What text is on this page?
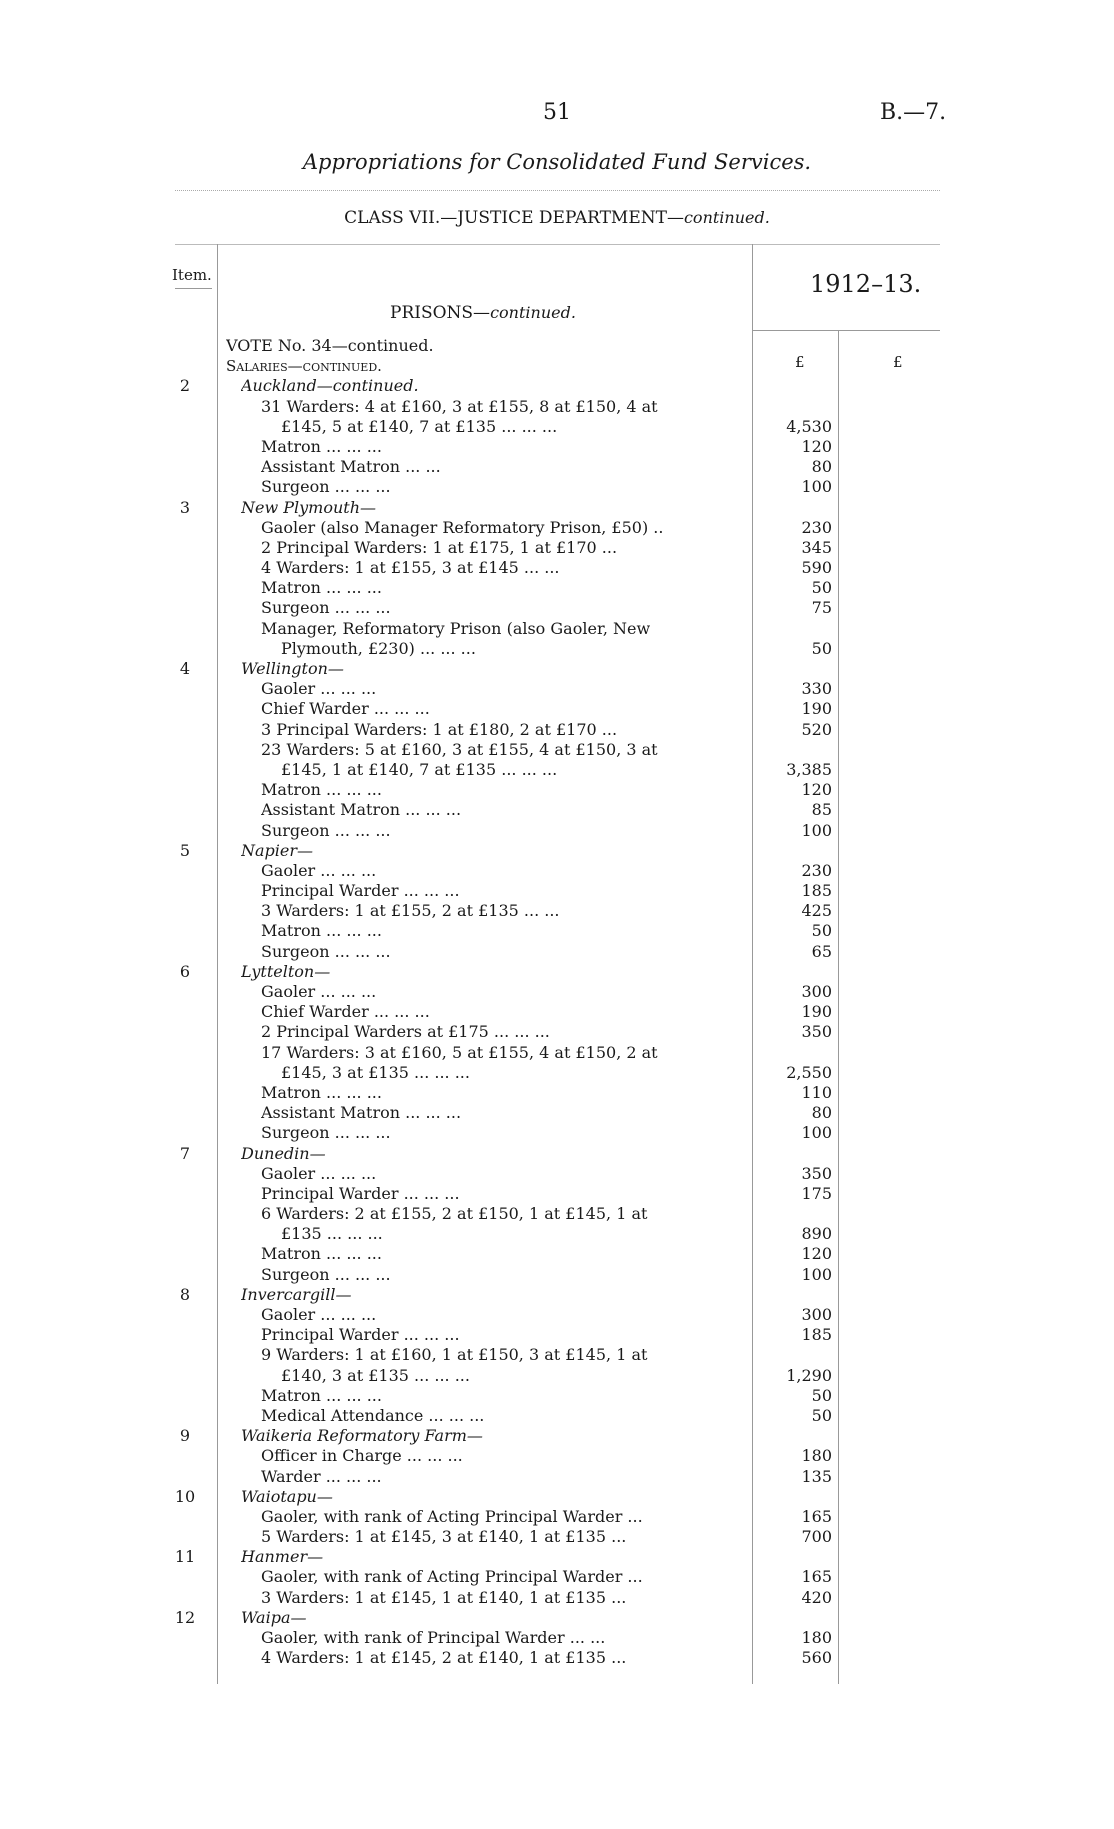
51	B.—7.
Appropriations for Consolidated Fund Services.
CLASS VII.—JUSTICE DEPARTMENT—continued.
Item.	1912–13.
PRISONS—continued.
£	£
VOTE No. 34—continued.
Salaries—continued.
2	Auckland—continued.
31 Warders: 4 at £160, 3 at £155, 8 at £150, 4 at
£145, 5 at £140, 7 at £135 ... ... ...	4,530
Matron ... ... ...	120
Assistant Matron ... ...	80
Surgeon ... ... ...	100
3	New Plymouth—
Gaoler (also Manager Reformatory Prison, £50) ..	230
2 Principal Warders: 1 at £175, 1 at £170 ...	345
4 Warders: 1 at £155, 3 at £145 ... ...	590
Matron ... ... ...	50
Surgeon ... ... ...	75
Manager, Reformatory Prison (also Gaoler, New
Plymouth, £230) ... ... ...	50
4	Wellington—
Gaoler ... ... ...	330
Chief Warder ... ... ...	190
3 Principal Warders: 1 at £180, 2 at £170 ...	520
23 Warders: 5 at £160, 3 at £155, 4 at £150, 3 at
£145, 1 at £140, 7 at £135 ... ... ...	3,385
Matron ... ... ...	120
Assistant Matron ... ... ...	85
Surgeon ... ... ...	100
5	Napier—
Gaoler ... ... ...	230
Principal Warder ... ... ...	185
3 Warders: 1 at £155, 2 at £135 ... ...	425
Matron ... ... ...	50
Surgeon ... ... ...	65
6	Lyttelton—
Gaoler ... ... ...	300
Chief Warder ... ... ...	190
2 Principal Warders at £175 ... ... ...	350
17 Warders: 3 at £160, 5 at £155, 4 at £150, 2 at
£145, 3 at £135 ... ... ...	2,550
Matron ... ... ...	110
Assistant Matron ... ... ...	80
Surgeon ... ... ...	100
7	Dunedin—
Gaoler ... ... ...	350
Principal Warder ... ... ...	175
6 Warders: 2 at £155, 2 at £150, 1 at £145, 1 at
£135 ... ... ...	890
Matron ... ... ...	120
Surgeon ... ... ...	100
8	Invercargill—
Gaoler ... ... ...	300
Principal Warder ... ... ...	185
9 Warders: 1 at £160, 1 at £150, 3 at £145, 1 at
£140, 3 at £135 ... ... ...	1,290
Matron ... ... ...	50
Medical Attendance ... ... ...	50
9	Waikeria Reformatory Farm—
Officer in Charge ... ... ...	180
Warder ... ... ...	135
10	Waiotapu—
Gaoler, with rank of Acting Principal Warder ...	165
5 Warders: 1 at £145, 3 at £140, 1 at £135 ...	700
11	Hanmer—
Gaoler, with rank of Acting Principal Warder ...	165
3 Warders: 1 at £145, 1 at £140, 1 at £135 ...	420
12	Waipa—
Gaoler, with rank of Principal Warder ... ...	180
4 Warders: 1 at £145, 2 at £140, 1 at £135 ...	560
